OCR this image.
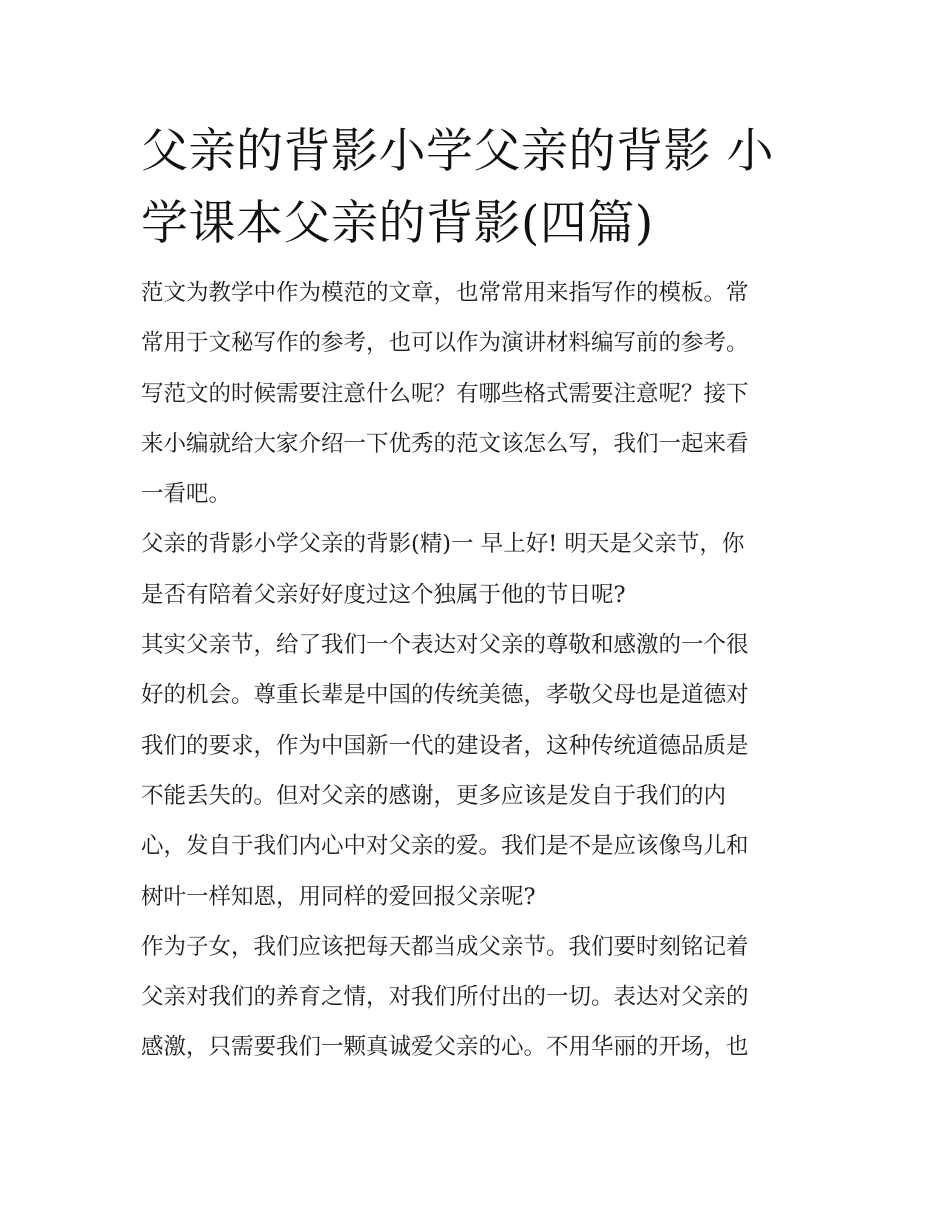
父亲的背影小学父亲的背影 小
学课本父亲的背影(四篇)
范文为教学中作为模范的文章，也常常用来指写作的模板。常
常用于文秘写作的参考，也可以作为演讲材料编写前的参考。
写范文的时候需要注意什么呢？有哪些格式需要注意呢？接下
来小编就给大家介绍一下优秀的范文该怎么写，我们一起来看
一看吧。
父亲的背影小学父亲的背影(精)一 早上好! 明天是父亲节，你
是否有陪着父亲好好度过这个独属于他的节日呢?
其实父亲节，给了我们一个表达对父亲的尊敬和感激的一个很
好的机会。尊重长辈是中国的传统美德，孝敬父母也是道德对
我们的要求，作为中国新一代的建设者，这种传统道德品质是
不能丢失的。但对父亲的感谢，更多应该是发自于我们的内
心，发自于我们内心中对父亲的爱。我们是不是应该像鸟儿和
树叶一样知恩，用同样的爱回报父亲呢?
作为子女，我们应该把每天都当成父亲节。我们要时刻铭记着
父亲对我们的养育之情，对我们所付出的一切。表达对父亲的
感激，只需要我们一颗真诚爱父亲的心。不用华丽的开场，也
